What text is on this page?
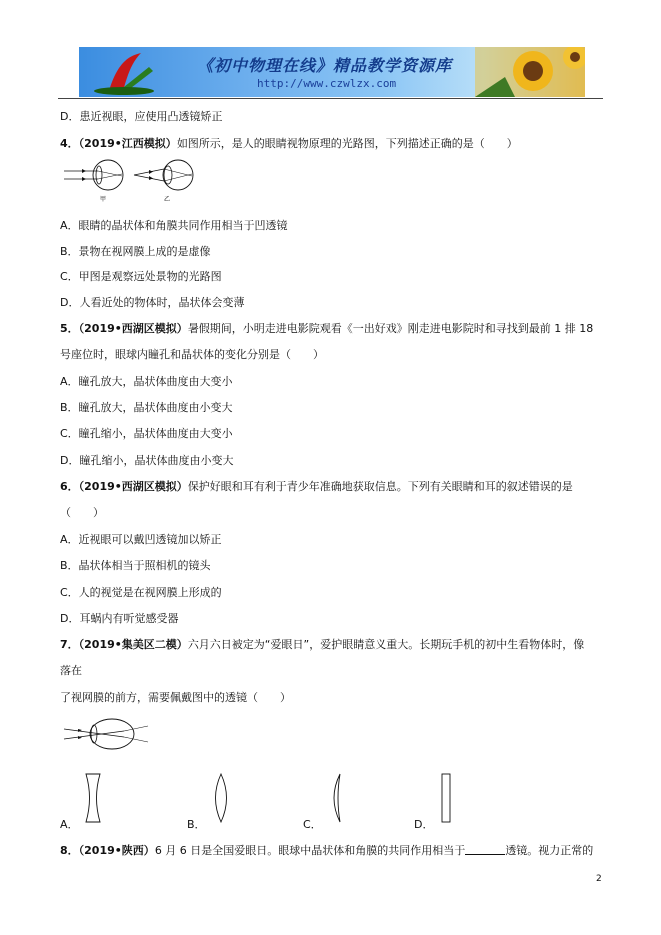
《初中物理在线》精品教学资源库
http://www.czwlzx.com
D．患近视眼，应使用凸透镜矫正
4．（2019•江西模拟）如图所示，是人的眼睛视物原理的光路图，下列描述正确的是（　　）
甲	乙
A．眼睛的晶状体和角膜共同作用相当于凹透镜
B．景物在视网膜上成的是虚像
C．甲图是观察远处景物的光路图
D．人看近处的物体时，晶状体会变薄
5．（2019•西湖区模拟）暑假期间，小明走进电影院观看《一出好戏》刚走进电影院时和寻找到最前 1 排 18
号座位时，眼球内瞳孔和晶状体的变化分别是（　　）
A．瞳孔放大，晶状体曲度由大变小
B．瞳孔放大，晶状体曲度由小变大
C．瞳孔缩小，晶状体曲度由大变小
D．瞳孔缩小，晶状体曲度由小变大
6．（2019•西湖区模拟）保护好眼和耳有利于青少年准确地获取信息。下列有关眼睛和耳的叙述错误的是
（　　）
A．近视眼可以戴凹透镜加以矫正
B．晶状体相当于照相机的镜头
C．人的视觉是在视网膜上形成的
D．耳蜗内有听觉感受器
7．（2019•集美区二模）六月六日被定为“爱眼日”，爱护眼睛意义重大。长期玩手机的初中生看物体时，像
落在
了视网膜的前方，需要佩戴图中的透镜（　　）
A．	B．	C．	D．
8．（2019•陕西）6 月 6 日是全国爱眼日。眼球中晶状体和角膜的共同作用相当于	透镜。视力正常的
2
